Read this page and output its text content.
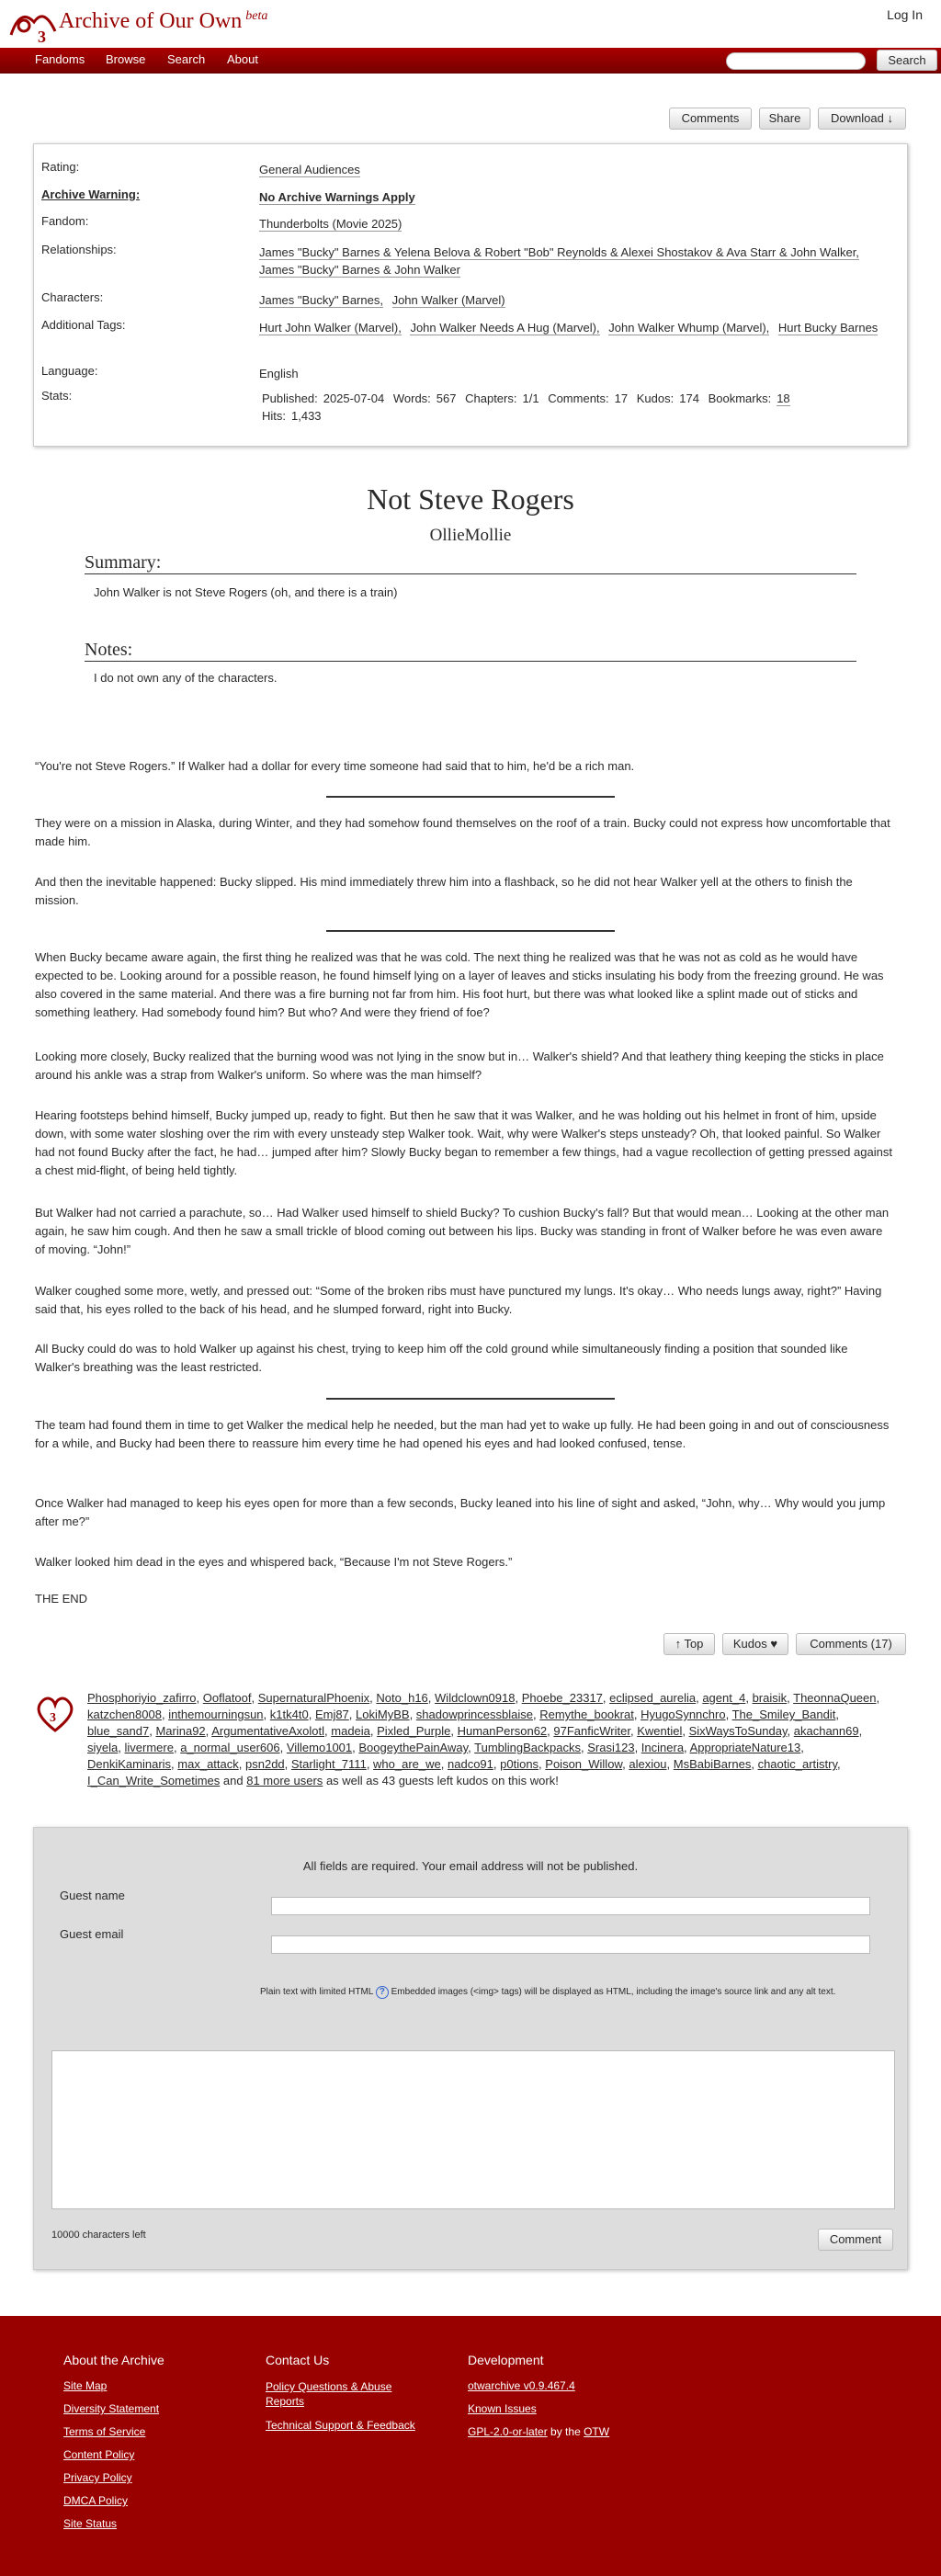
3
Archive of Our Own $^{beta}$	Log In
Fandoms Browse Search About	Search
Comments	Share	Download ↓
Rating:	General Audiences
Archive Warning:	No Archive Warnings Apply
Fandom:	Thunderbolts (Movie 2025)
Relationships:	James "Bucky" Barnes & Yelena Belova & Robert "Bob" Reynolds & Alexei Shostakov & Ava Starr & John Walker, James "Bucky" Barnes & John Walker
Characters:	James "Bucky" Barnes, John Walker (Marvel)
Additional Tags:	Hurt John Walker (Marvel), John Walker Needs A Hug (Marvel), John Walker Whump (Marvel), Hurt Bucky Barnes
Language:	English
Stats:	Published: 2025-07-04 Words: 567 Chapters: 1/1 Comments: 17 Kudos: 174 Bookmarks: 18 Hits: 1,433
Not Steve Rogers
OllieMollie
Summary:
John Walker is not Steve Rogers (oh, and there is a train)
Notes:
I do not own any of the characters.
“You're not Steve Rogers.” If Walker had a dollar for every time someone had said that to him, he'd be a rich man.
They were on a mission in Alaska, during Winter, and they had somehow found themselves on the roof of a train. Bucky could not express how uncomfortable that made him.
And then the inevitable happened: Bucky slipped. His mind immediately threw him into a flashback, so he did not hear Walker yell at the others to finish the mission.
When Bucky became aware again, the first thing he realized was that he was cold. The next thing he realized was that he was not as cold as he would have expected to be. Looking around for a possible reason, he found himself lying on a layer of leaves and sticks insulating his body from the freezing ground. He was also covered in the same material. And there was a fire burning not far from him. His foot hurt, but there was what looked like a splint made out of sticks and something leathery. Had somebody found him? But who? And were they friend of foe?
Looking more closely, Bucky realized that the burning wood was not lying in the snow but in… Walker's shield? And that leathery thing keeping the sticks in place around his ankle was a strap from Walker's uniform. So where was the man himself?
Hearing footsteps behind himself, Bucky jumped up, ready to fight. But then he saw that it was Walker, and he was holding out his helmet in front of him, upside down, with some water sloshing over the rim with every unsteady step Walker took. Wait, why were Walker's steps unsteady? Oh, that looked painful. So Walker had not found Bucky after the fact, he had… jumped after him? Slowly Bucky began to remember a few things, had a vague recollection of getting pressed against a chest mid-flight, of being held tightly.
But Walker had not carried a parachute, so… Had Walker used himself to shield Bucky? To cushion Bucky's fall? But that would mean… Looking at the other man again, he saw him cough. And then he saw a small trickle of blood coming out between his lips. Bucky was standing in front of Walker before he was even aware of moving. “John!”
Walker coughed some more, wetly, and pressed out: “Some of the broken ribs must have punctured my lungs. It's okay… Who needs lungs away, right?” Having said that, his eyes rolled to the back of his head, and he slumped forward, right into Bucky.
All Bucky could do was to hold Walker up against his chest, trying to keep him off the cold ground while simultaneously finding a position that sounded like Walker's breathing was the least restricted.
The team had found them in time to get Walker the medical help he needed, but the man had yet to wake up fully. He had been going in and out of consciousness for a while, and Bucky had been there to reassure him every time he had opened his eyes and had looked confused, tense.
Once Walker had managed to keep his eyes open for more than a few seconds, Bucky leaned into his line of sight and asked, “John, why… Why would you jump after me?”
Walker looked him dead in the eyes and whispered back, “Because I'm not Steve Rogers.”
THE END
↑ Top	Kudos ♥	Comments (17)
3
Phosphoriyio_zafirro, Ooflatoof, SupernaturalPhoenix, Noto_h16, Wildclown0918, Phoebe_23317, eclipsed_aurelia, agent_4, braisik, TheonnaQueen, katzchen8008, inthemourningsun, k1tk4t0, Emj87, LokiMyBB, shadowprincessblaise, Remythe_bookrat, HyugoSynnchro, The_Smiley_Bandit, blue_sand7, Marina92, ArgumentativeAxolotl, madeia, Pixled_Purple, HumanPerson62, 97FanficWriter, Kwentiel, SixWaysToSunday, akachann69, siyela, livermere, a_normal_user606, Villemo1001, BoogeythePainAway, TumblingBackpacks, Srasi123, Incinera, AppropriateNature13, DenkiKaminaris, max_attack, psn2dd, Starlight_7111, who_are_we, nadco91, p0tions, Poison_Willow, alexiou, MsBabiBarnes, chaotic_artistry, I_Can_Write_Sometimes and 81 more users as well as 43 guests left kudos on this work!
All fields are required. Your email address will not be published.
Guest name
Guest email
Plain text with limited HTML ? Embedded images (<img> tags) will be displayed as HTML, including the image's source link and any alt text.
10000 characters left	Comment
About the Archive
Site Map
Diversity Statement
Terms of Service
Content Policy
Privacy Policy
DMCA Policy
Site Status
Contact Us
Policy Questions & Abuse Reports
Technical Support & Feedback
Development
otwarchive v0.9.467.4
Known Issues
GPL-2.0-or-later by the OTW
